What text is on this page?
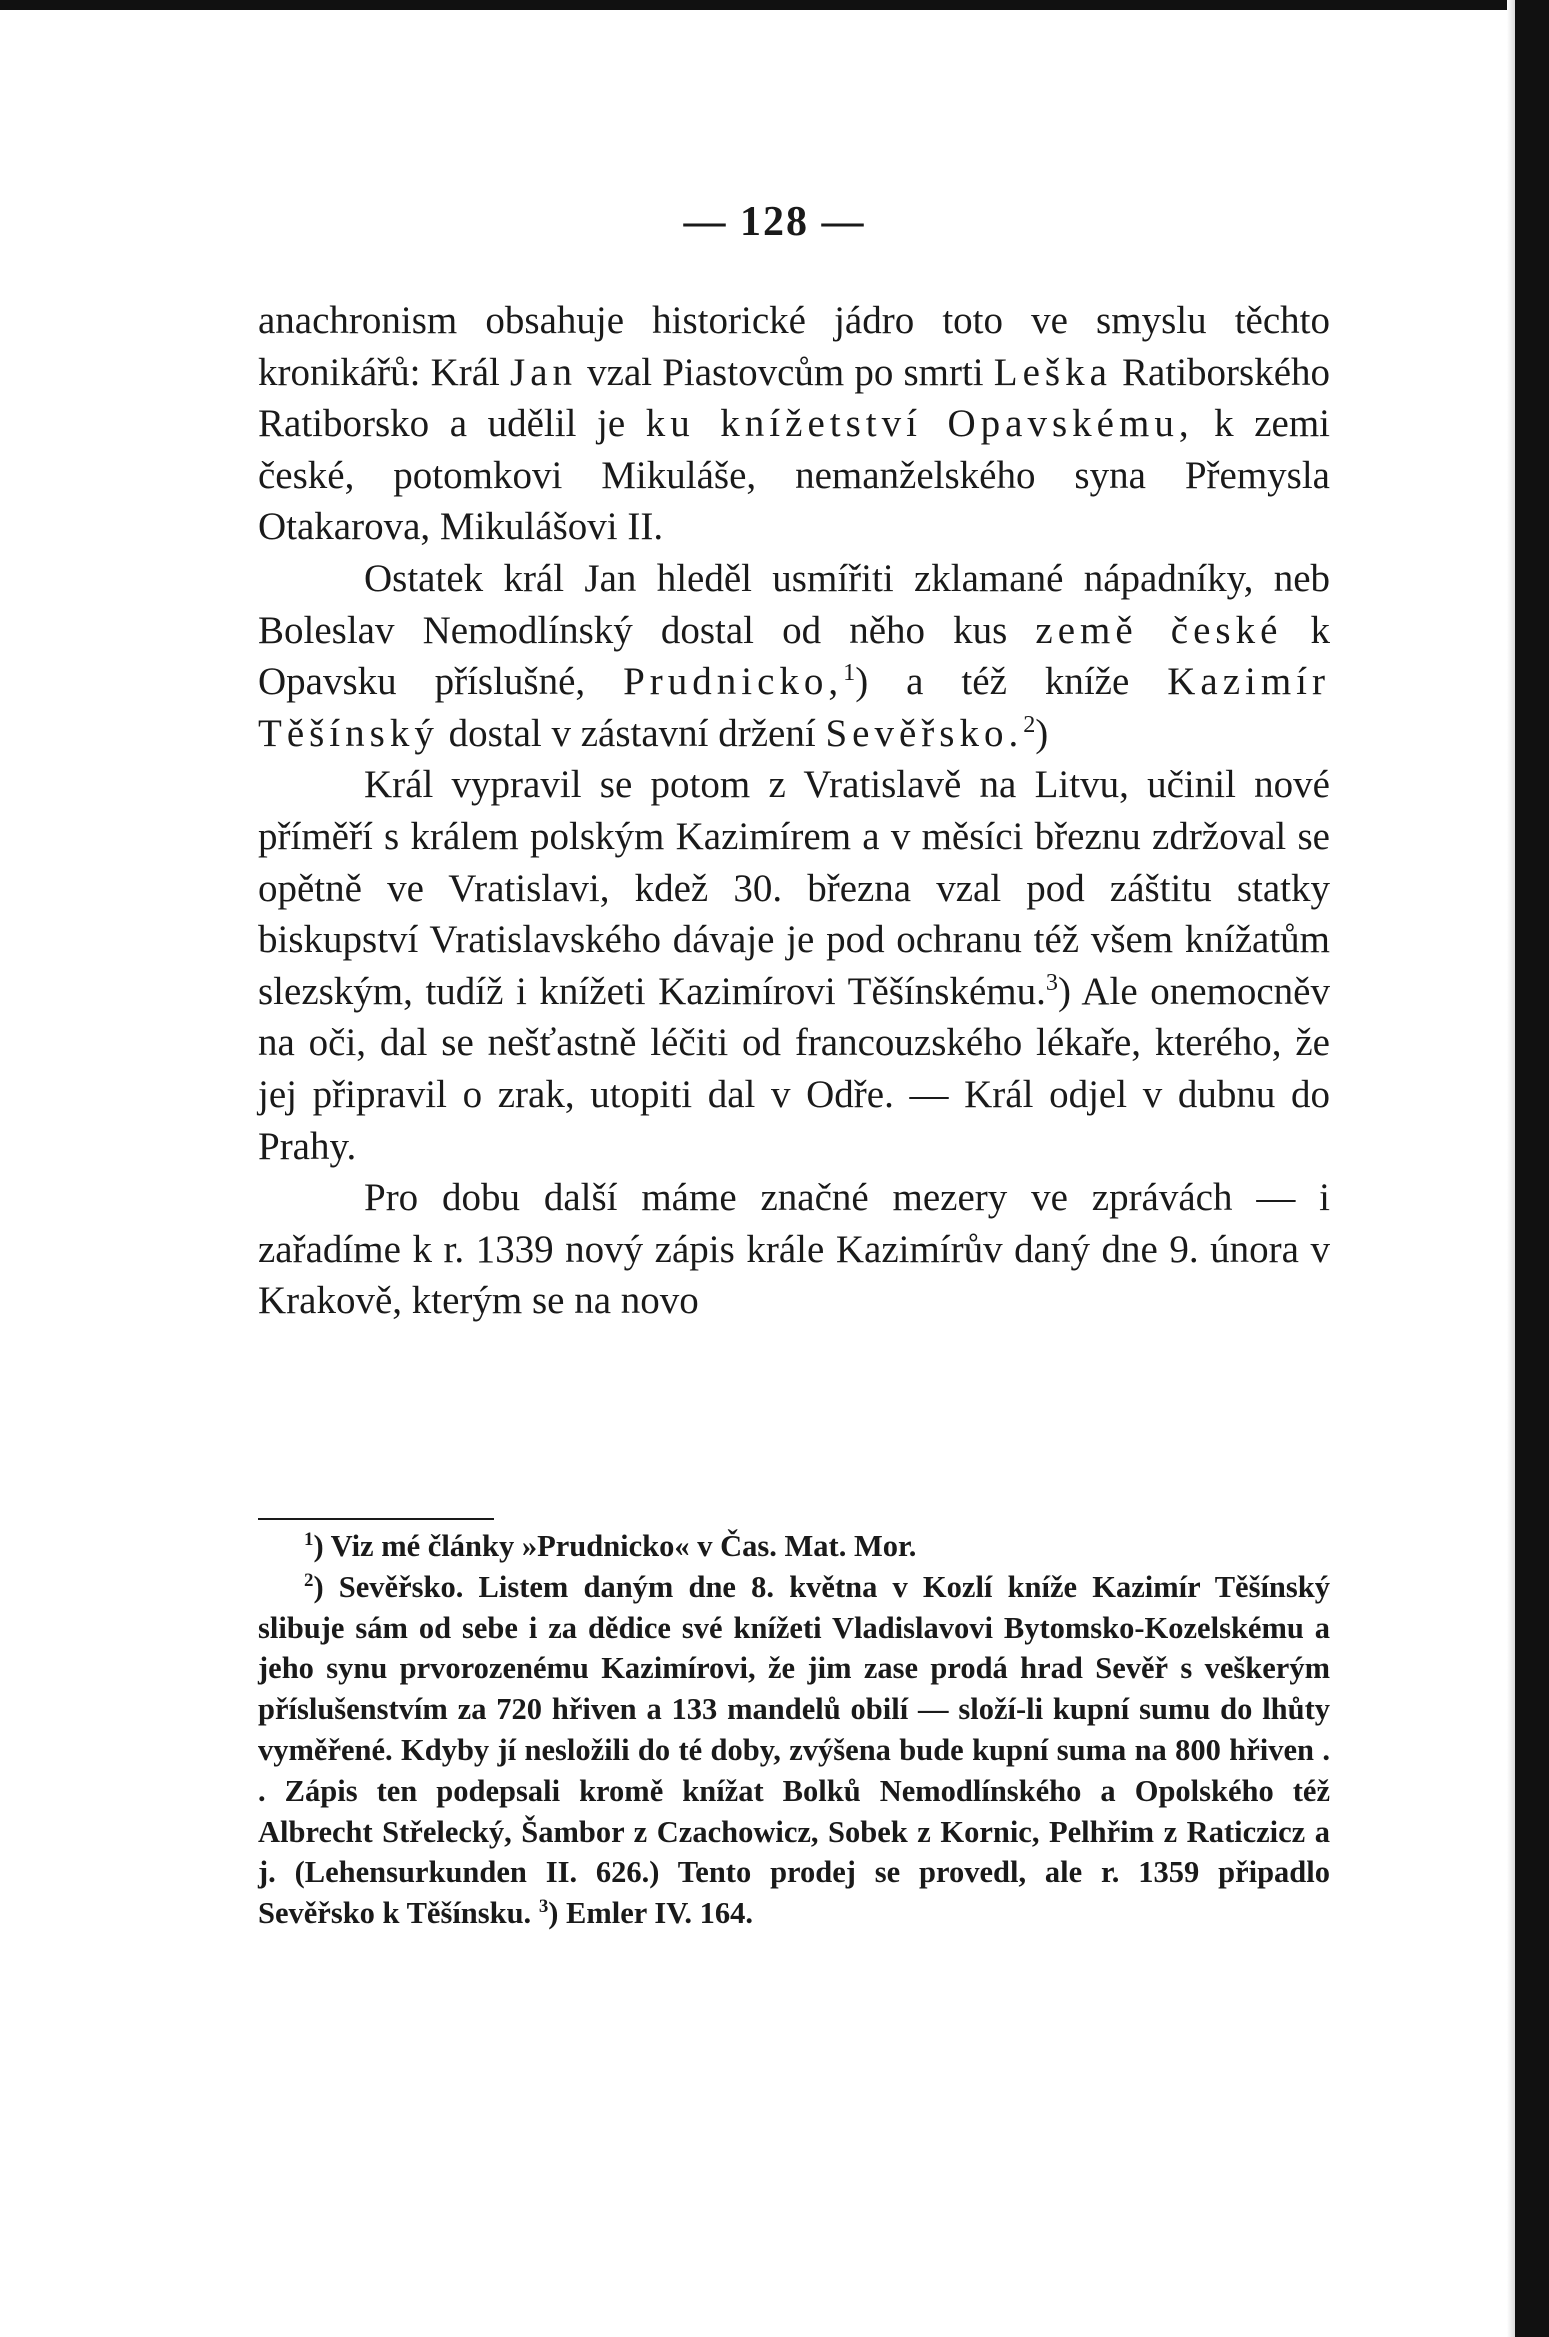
— 128 —

anachronism obsahuje historické jádro toto ve smyslu těchto kronikářů: Král Jan vzal Piastovcům po smrti Leška Ratiborského Ratiborsko a udělil je ku knížetství Opavskému, k zemi české, potomkovi Mikuláše, nemanželského syna Přemysla Otakarova, Mikulášovi II.

Ostatek král Jan hleděl usmířiti zklamané nápadníky, neb Boleslav Nemodlínský dostal od něho kus země české k Opavsku příslušné, Prudnicko,$^1$) a též kníže Kazimír Těšínský dostal v zástavní držení Sevěřsko.$^2$)

Král vypravil se potom z Vratislavě na Litvu, učinil nové příměří s králem polským Kazimírem a v měsíci březnu zdržoval se opětně ve Vratislavi, kdež 30. března vzal pod záštitu statky biskupství Vratislavského dávaje je pod ochranu též všem knížatům slezským, tudíž i knížeti Kazimírovi Těšínskému.$^3$) Ale onemocněv na oči, dal se nešťastně léčiti od francouzského lékaře, kterého, že jej připravil o zrak, utopiti dal v Odře. — Král odjel v dubnu do Prahy.

Pro dobu další máme značné mezery ve zprávách — i zařadíme k r. 1339 nový zápis krále Kazimírův daný dne 9. února v Krakově, kterým se na novo

$^1$) Viz mé články »Prudnicko« v Čas. Mat. Mor.

$^2$) Sevěřsko. Listem daným dne 8. května v Kozlí kníže Kazimír Těšínský slibuje sám od sebe i za dědice své knížeti Vladislavovi Bytomsko-Kozelskému a jeho synu prvorozenému Kazimírovi, že jim zase prodá hrad Sevěř s veškerým příslušenstvím za 720 hřiven a 133 mandelů obilí — složí-li kupní sumu do lhůty vyměřené. Kdyby jí nesložili do té doby, zvýšena bude kupní suma na 800 hřiven . . Zápis ten podepsali kromě knížat Bolků Nemodlínského a Opolského též Albrecht Střelecký, Šambor z Czachowicz, Sobek z Kornic, Pelhřim z Raticzicz a j. (Lehensurkunden II. 626.) Tento prodej se provedl, ale r. 1359 připadlo Sevěřsko k Těšínsku. $^3$) Emler IV. 164.
